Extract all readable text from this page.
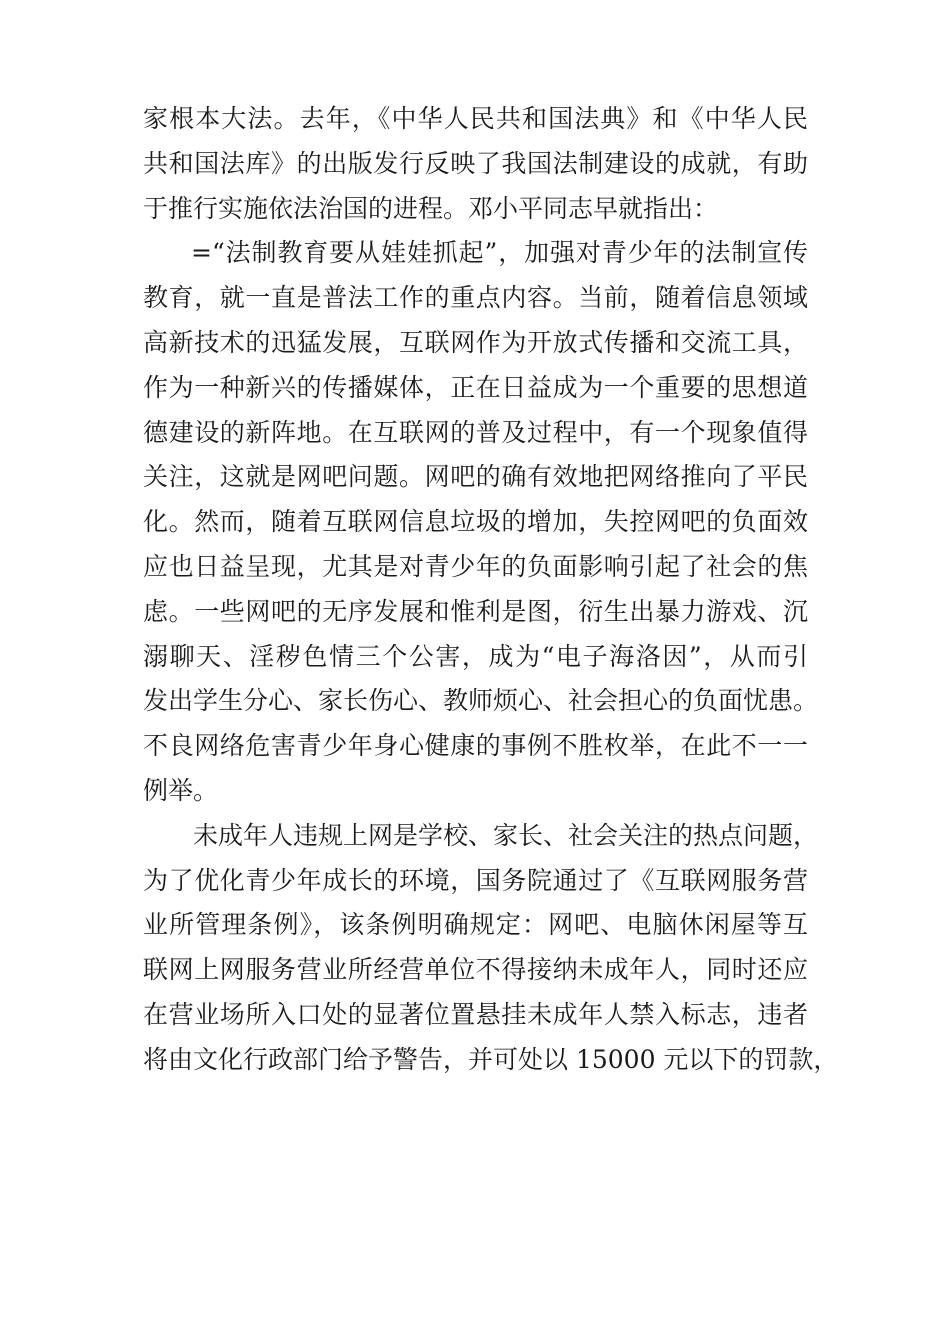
家根本大法。去年，《中华人民共和国法典》和《中华人民
共和国法库》的出版发行反映了我国法制建设的成就，有助
于推行实施依法治国的进程。邓小平同志早就指出：
=“法制教育要从娃娃抓起”，加强对青少年的法制宣传
教育，就一直是普法工作的重点内容。当前，随着信息领域
高新技术的迅猛发展，互联网作为开放式传播和交流工具，
作为一种新兴的传播媒体，正在日益成为一个重要的思想道
德建设的新阵地。在互联网的普及过程中，有一个现象值得
关注，这就是网吧问题。网吧的确有效地把网络推向了平民
化。然而，随着互联网信息垃圾的增加，失控网吧的负面效
应也日益呈现，尤其是对青少年的负面影响引起了社会的焦
虑。一些网吧的无序发展和惟利是图，衍生出暴力游戏、沉
溺聊天、淫秽色情三个公害，成为“电子海洛因”，从而引
发出学生分心、家长伤心、教师烦心、社会担心的负面忧患。
不良网络危害青少年身心健康的事例不胜枚举，在此不一一
例举。
未成年人违规上网是学校、家长、社会关注的热点问题，
为了优化青少年成长的环境，国务院通过了《互联网服务营
业所管理条例》，该条例明确规定：网吧、电脑休闲屋等互
联网上网服务营业所经营单位不得接纳未成年人，同时还应
在营业场所入口处的显著位置悬挂未成年人禁入标志，违者
将由文化行政部门给予警告，并可处以 15000 元以下的罚款，
